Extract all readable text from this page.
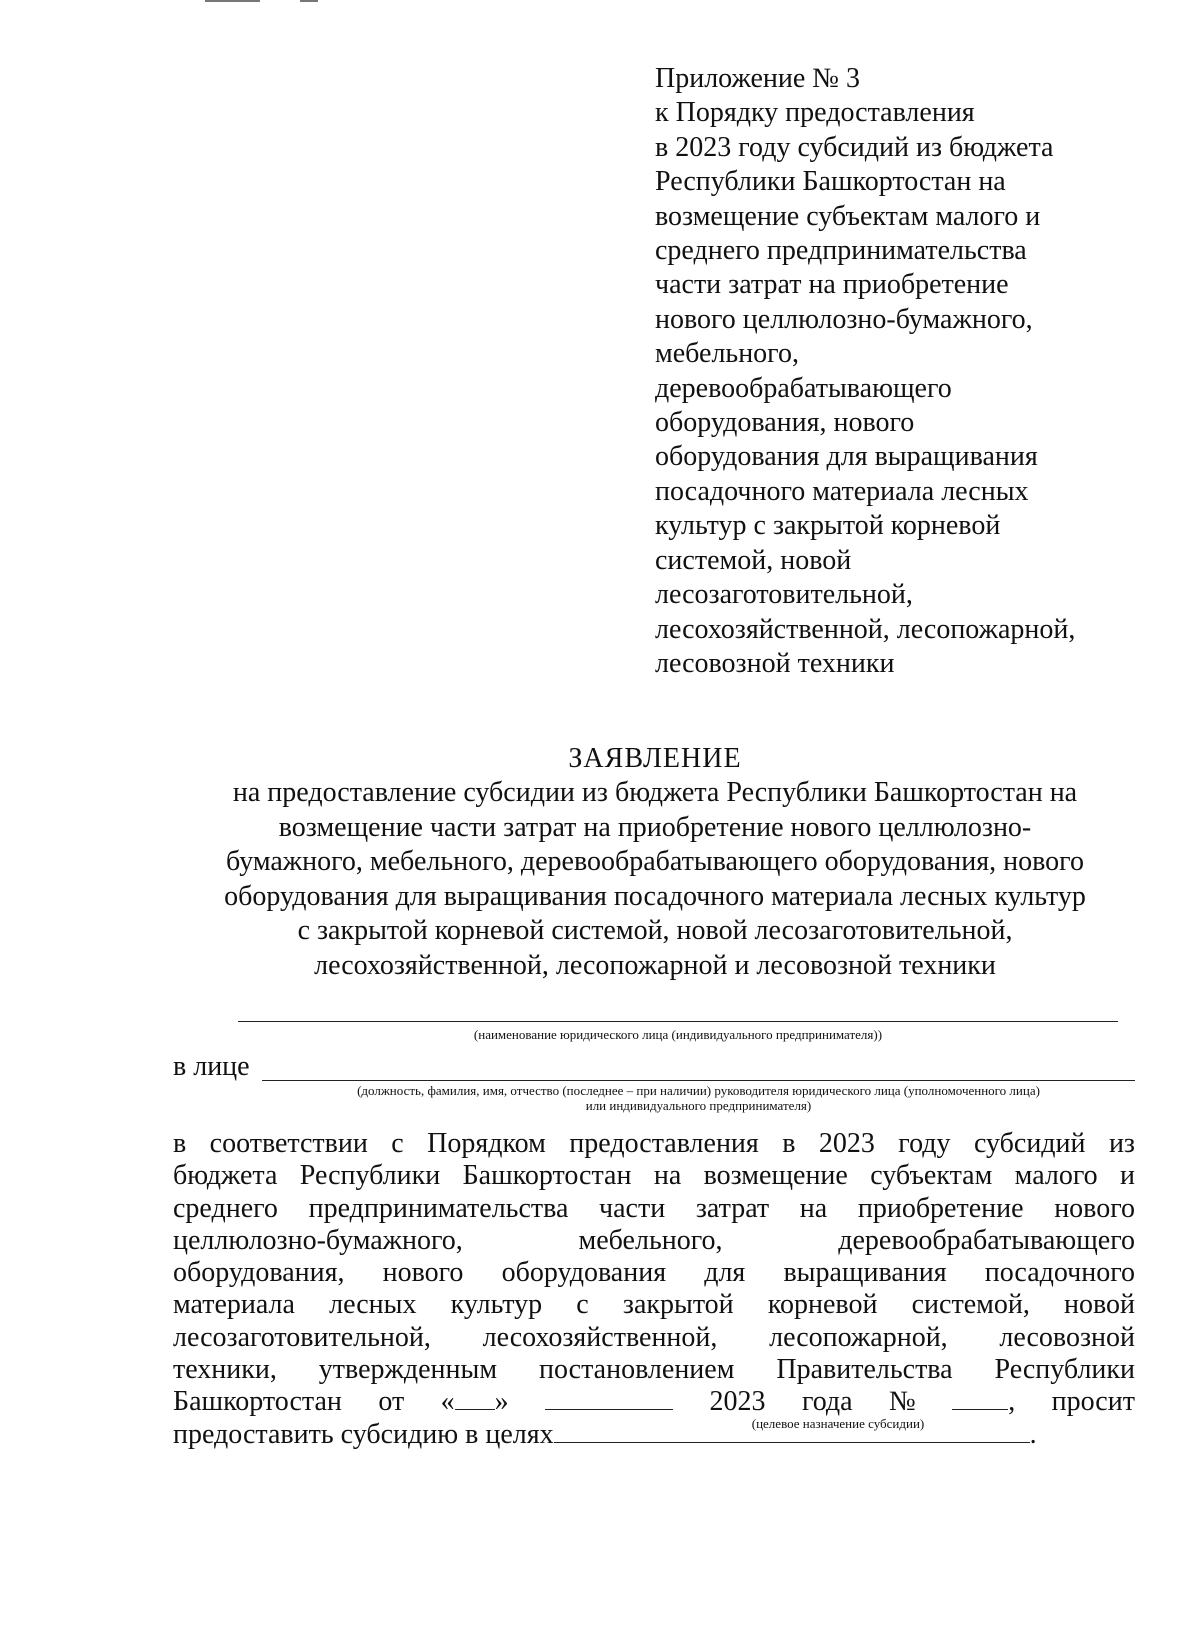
Приложение № 3
к Порядку предоставления
в 2023 году субсидий из бюджета
Республики Башкортостан на
возмещение субъектам малого и
среднего предпринимательства
части затрат на приобретение
нового целлюлозно-бумажного,
мебельного,
деревообрабатывающего
оборудования, нового
оборудования для выращивания
посадочного материала лесных
культур с закрытой корневой
системой, новой
лесозаготовительной,
лесохозяйственной, лесопожарной,
лесовозной техники
ЗАЯВЛЕНИЕ
на предоставление субсидии из бюджета Республики Башкортостан на
возмещение части затрат на приобретение нового целлюлозно-
бумажного, мебельного, деревообрабатывающего оборудования, нового
оборудования для выращивания посадочного материала лесных культур
с закрытой корневой системой, новой лесозаготовительной,
лесохозяйственной, лесопожарной и лесовозной техники
(наименование юридического лица (индивидуального предпринимателя))
в лице
(должность, фамилия, имя, отчество (последнее – при наличии) руководителя юридического лица (уполномоченного лица)
или индивидуального предпринимателя)
в соответствии с Порядком предоставления в 2023 году субсидий из
бюджета Республики Башкортостан на возмещение субъектам малого и
среднего предпринимательства части затрат на приобретение нового
целлюлозно-бумажного, мебельного, деревообрабатывающего
оборудования, нового оборудования для выращивания посадочного
материала лесных культур с закрытой корневой системой, новой
лесозаготовительной, лесохозяйственной, лесопожарной, лесовозной
техники, утвержденным постановлением Правительства Республики
Башкортостан от « »	2023 года №	, просит
предоставить субсидию в целях	.
(целевое назначение субсидии)
